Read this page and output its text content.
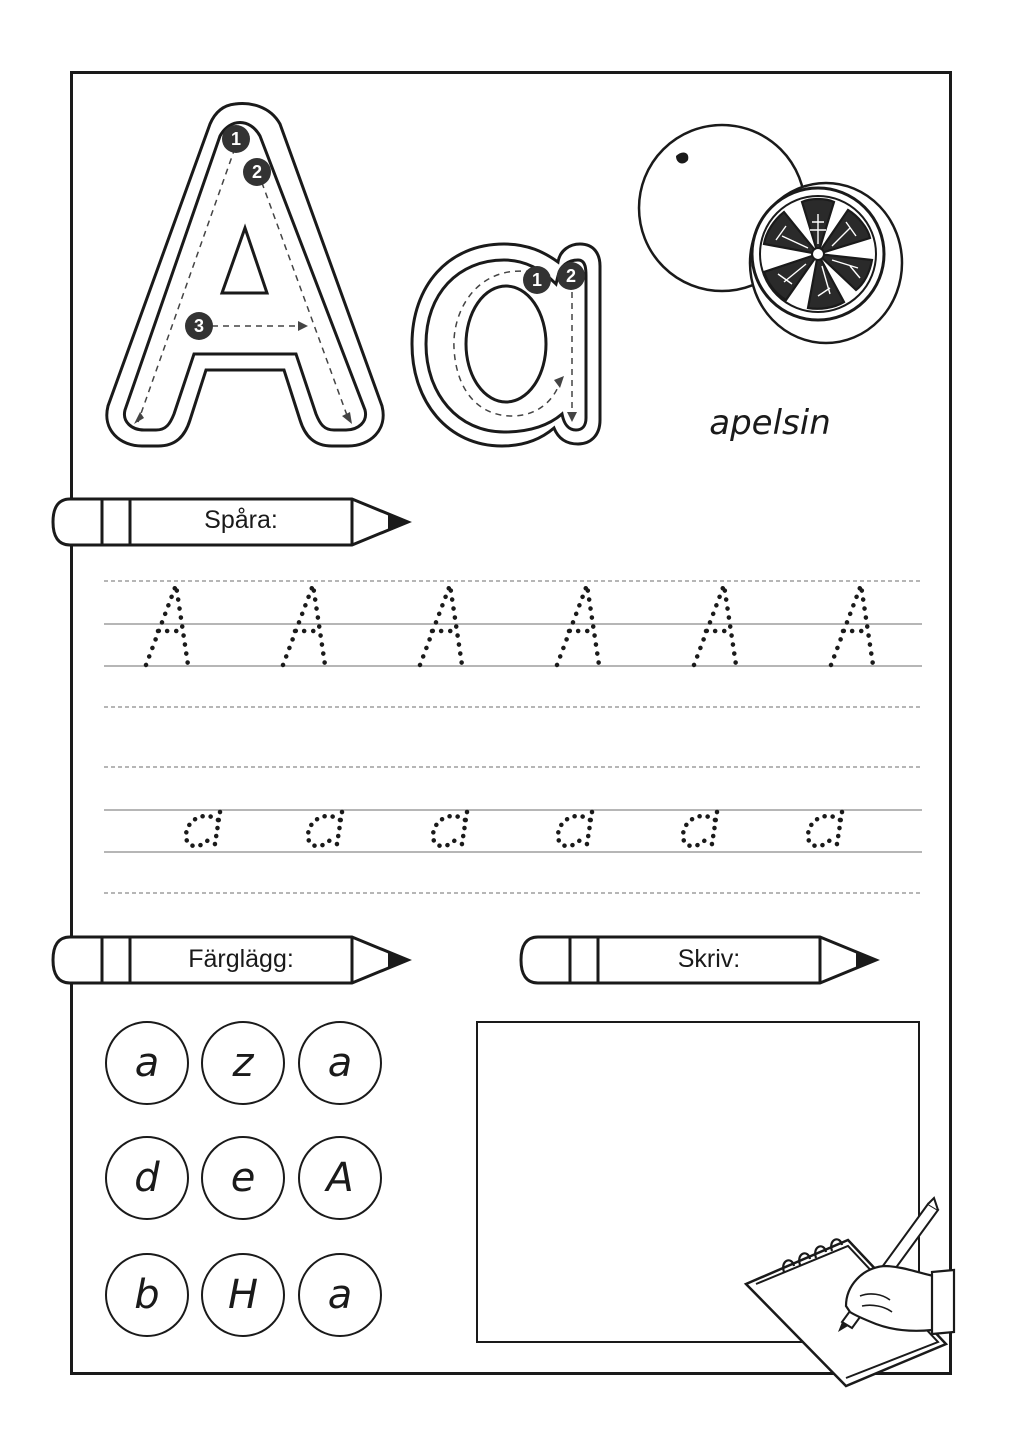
1
2
3
1	2
apelsin
Spåra:
Färglägg:	Skriv:
a	z	a
d	e	A
b	H	a
